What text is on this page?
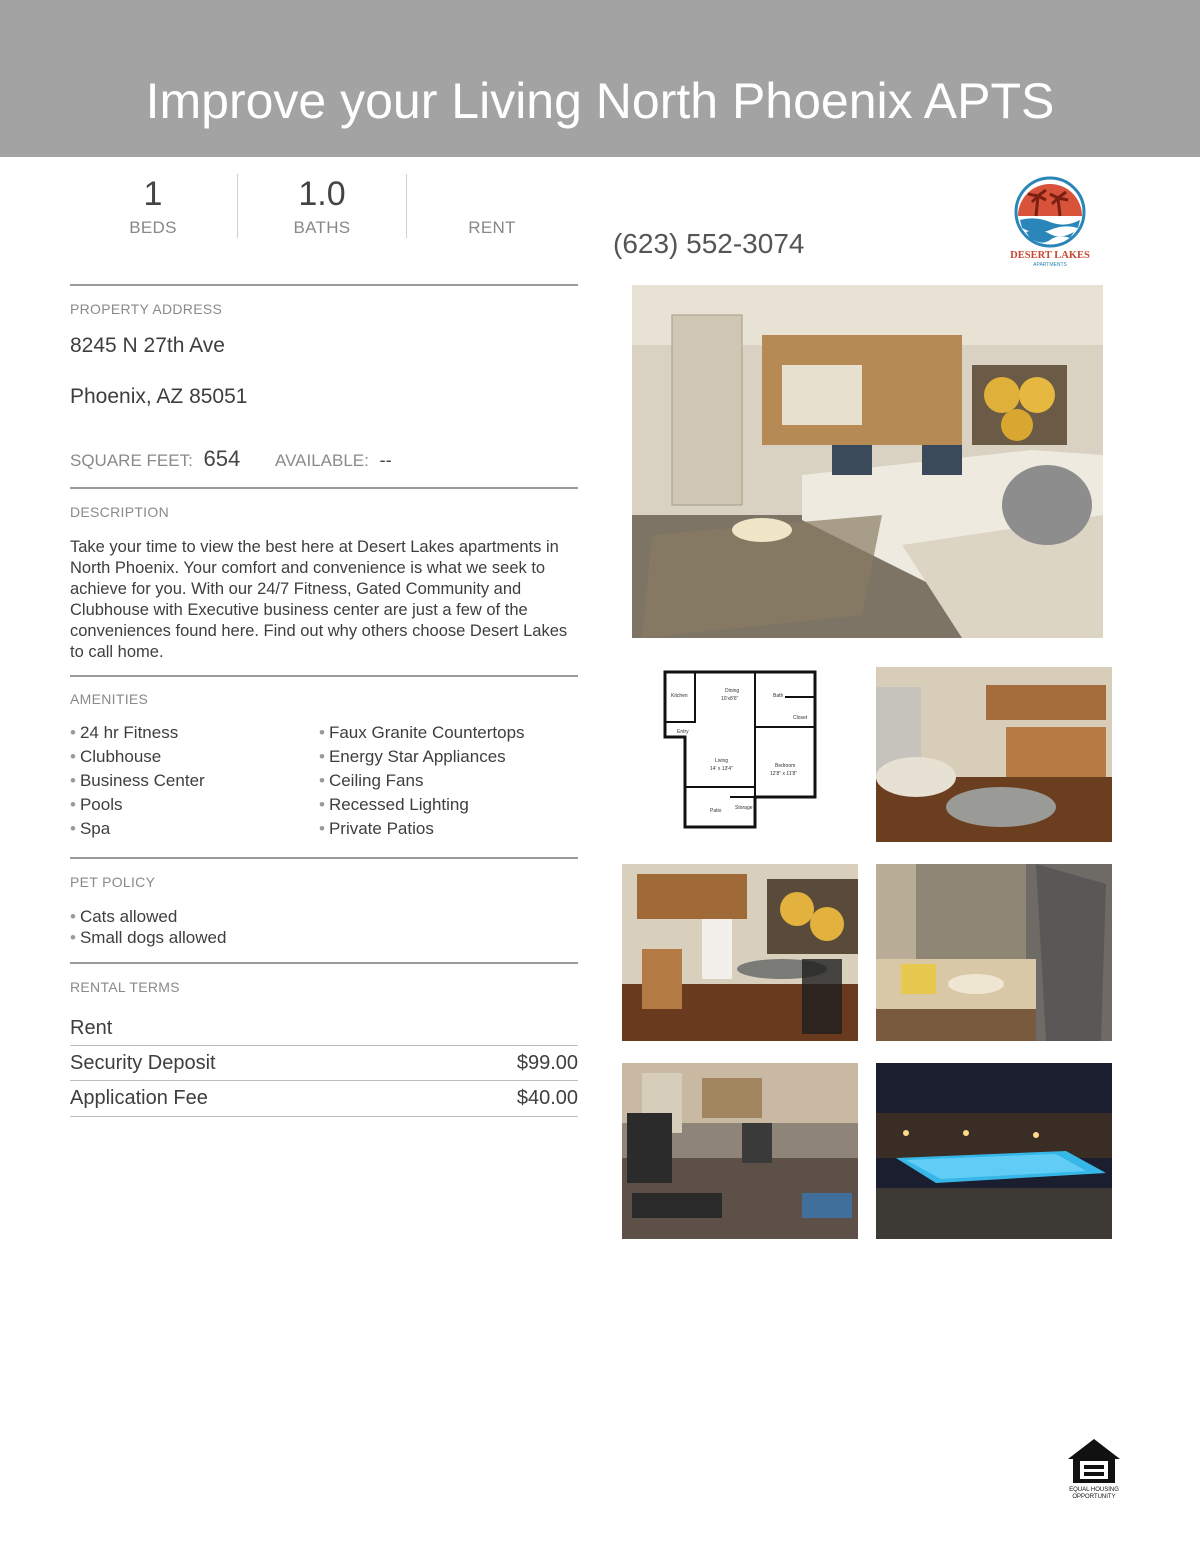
Improve your Living North Phoenix APTS
1
BEDS
1.0
BATHS	RENT
(623) 552-3074	DESERT LAKES
APARTMENTS
PROPERTY ADDRESS
8245 N 27th Ave
Phoenix, AZ 85051
SQUARE FEET: 654 AVAILABLE: --
DESCRIPTION
Take your time to view the best here at Desert Lakes apartments in North Phoenix. Your comfort and convenience is what we seek to achieve for you. With our 24/7 Fitness, Gated Community and Clubhouse with Executive business center are just a few of the conveniences found here. Find out why others choose Desert Lakes to call home.
AMENITIES
• 24 hr Fitness
• Clubhouse
• Business Center
• Pools
• Spa
• Faux Granite Countertops
• Energy Star Appliances
• Ceiling Fans
• Recessed Lighting
• Private Patios
PET POLICY
• Cats allowed
• Small dogs allowed
RENTAL TERMS
Rent
Security Deposit	$99.00
Application Fee	$40.00
Kitchen
Dining
10'x8'6"	Bath
Closet
Entry
Living
14' x 13'4"	Bedroom
12'8" x 11'8"
Patio	Storage
EQUAL HOUSING
OPPORTUNITY
